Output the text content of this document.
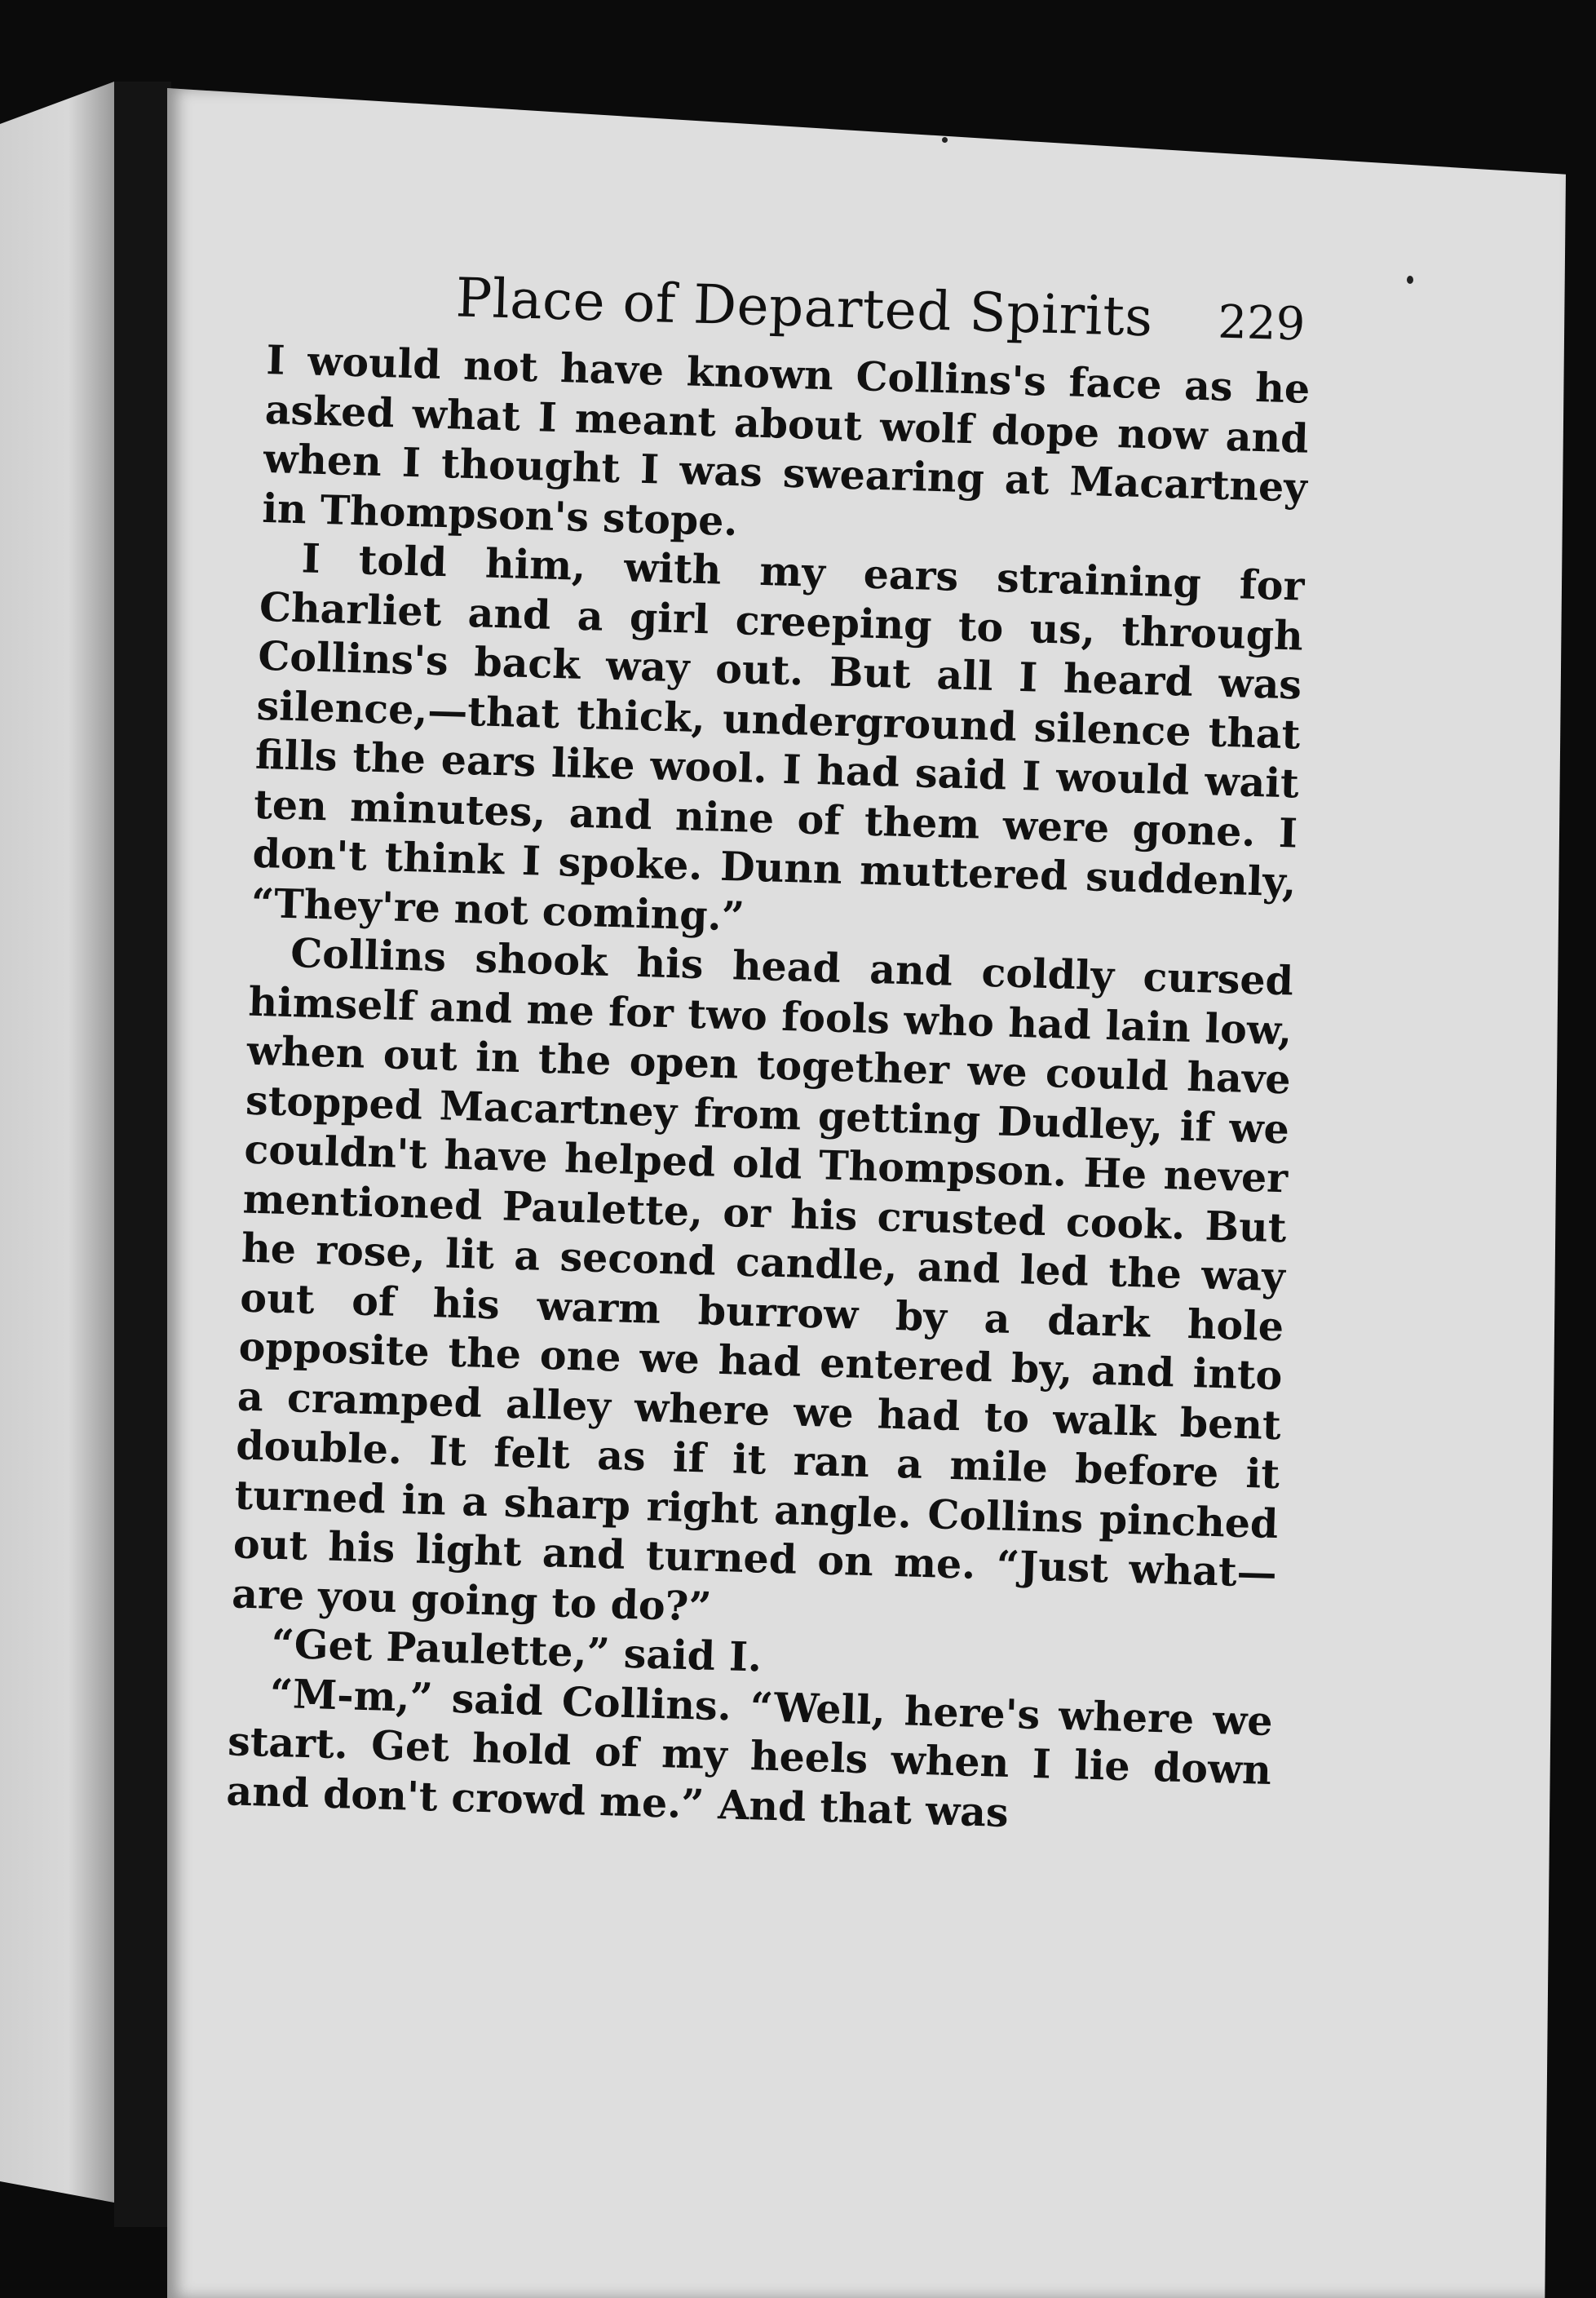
Place of Departed Spirits 229

I would not have known Collins's face as he asked what I meant about wolf dope now and when I thought I was swearing at Macartney in Thompson's stope.

I told him, with my ears straining for Charliet and a girl creeping to us, through Collins's back way out. But all I heard was silence,—that thick, underground silence that fills the ears like wool. I had said I would wait ten minutes, and nine of them were gone. I don't think I spoke. Dunn muttered suddenly, “They're not coming.”

Collins shook his head and coldly cursed himself and me for two fools who had lain low, when out in the open together we could have stopped Macartney from getting Dudley, if we couldn't have helped old Thompson. He never mentioned Paulette, or his crusted cook. But he rose, lit a second candle, and led the way out of his warm burrow by a dark hole opposite the one we had entered by, and into a cramped alley where we had to walk bent double. It felt as if it ran a mile before it turned in a sharp right angle. Collins pinched out his light and turned on me. “Just what—are you going to do?”

“Get Paulette,” said I.

“M-m,” said Collins. “Well, here's where we start. Get hold of my heels when I lie down and don't crowd me.” And that was
